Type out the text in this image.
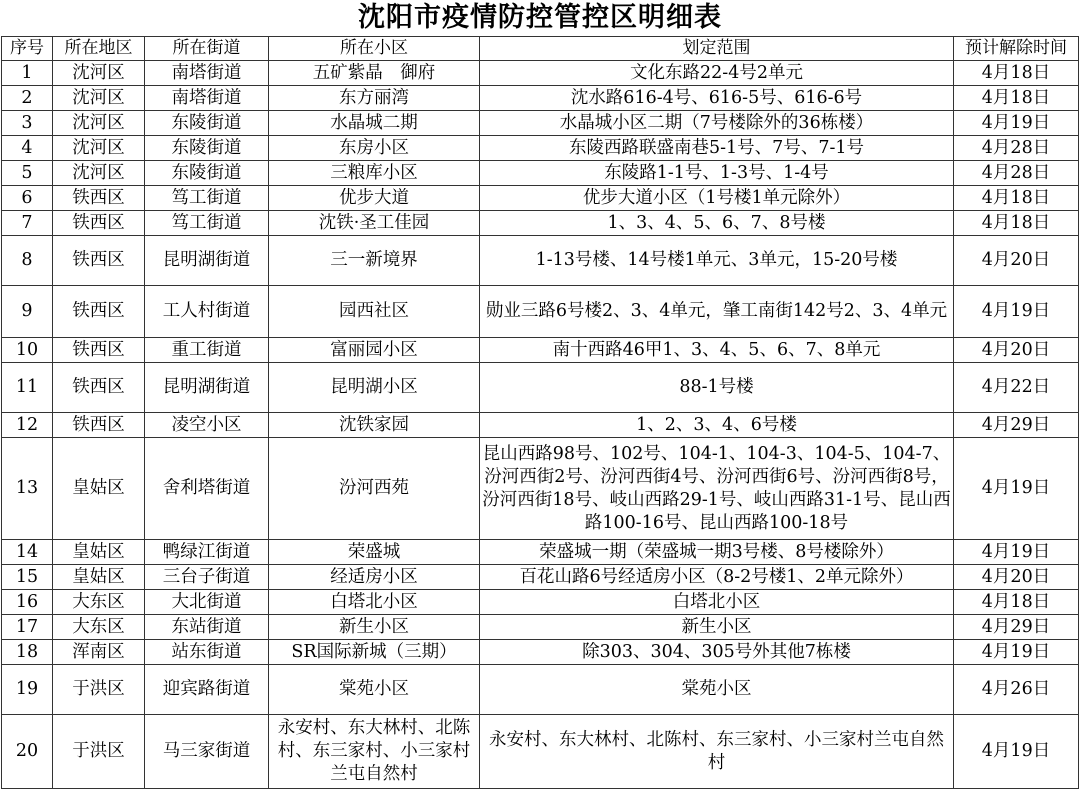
沈阳市疫情防控管控区明细表
序号	所在地区	所在街道	所在小区	划定范围	预计解除时间
1	沈河区	南塔街道	五矿紫晶　御府	文化东路22-4号2单元	4月18日
2	沈河区	南塔街道	东方丽湾	沈水路616-4号、616-5号、616-6号	4月18日
3	沈河区	东陵街道	水晶城二期	水晶城小区二期（7号楼除外的36栋楼）	4月19日
4	沈河区	东陵街道	东房小区	东陵西路联盛南巷5-1号、7号、7-1号	4月28日
5	沈河区	东陵街道	三粮库小区	东陵路1-1号、1-3号、1-4号	4月28日
6	铁西区	笃工街道	优步大道	优步大道小区（1号楼1单元除外）	4月18日
7	铁西区	笃工街道	沈铁·圣工佳园	1、3、4、5、6、7、8号楼	4月18日
8	铁西区	昆明湖街道	三一新境界	1-13号楼、14号楼1单元、3单元，15-20号楼	4月20日
9	铁西区	工人村街道	园西社区	勋业三路6号楼2、3、4单元，肇工南街142号2、3、4单元	4月19日
10	铁西区	重工街道	富丽园小区	南十西路46甲1、3、4、5、6、7、8单元	4月20日
11	铁西区	昆明湖街道	昆明湖小区	88-1号楼	4月22日
12	铁西区	凌空小区	沈铁家园	1、2、3、4、6号楼	4月29日
13	皇姑区	舍利塔街道	汾河西苑	昆山西路98号、102号、104-1、104-3、104-5、104-7、汾河西街2号、汾河西街4号、汾河西街6号、汾河西街8号，汾河西街18号、岐山西路29-1号、岐山西路31-1号、昆山西路100-16号、昆山西路100-18号	4月19日
14	皇姑区	鸭绿江街道	荣盛城	荣盛城一期（荣盛城一期3号楼、8号楼除外）	4月19日
15	皇姑区	三台子街道	经适房小区	百花山路6号经适房小区（8-2号楼1、2单元除外）	4月20日
16	大东区	大北街道	白塔北小区	白塔北小区	4月18日
17	大东区	东站街道	新生小区	新生小区	4月29日
18	浑南区	站东街道	SR国际新城（三期）	除303、304、305号外其他7栋楼	4月19日
19	于洪区	迎宾路街道	棠苑小区	棠苑小区	4月26日
20	于洪区	马三家街道	永安村、东大林村、北陈村、东三家村、小三家村兰屯自然村	永安村、东大林村、北陈村、东三家村、小三家村兰屯自然村	4月19日
